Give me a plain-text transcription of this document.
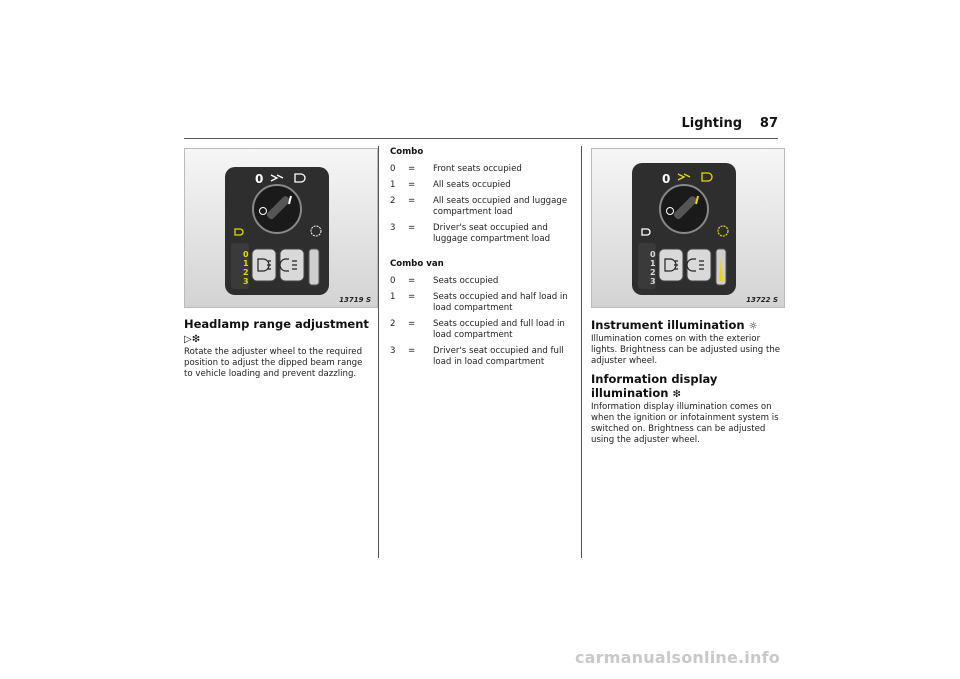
Lighting 87
0
0
1
2
3
13719 S
Headlamp range adjustment ▷❇

Rotate the adjuster wheel to the required position to adjust the dipped beam range to vehicle loading and prevent dazzling.

Combo
0	=	Front seats occupied
1	=	All seats occupied
2	=	All seats occupied and luggage compartment load
3	=	Driver's seat occupied and luggage compartment load
Combo van
0	=	Seats occupied
1	=	Seats occupied and half load in load compartment
2	=	Seats occupied and full load in load compartment
3	=	Driver's seat occupied and full load in load compartment
0
0
1
2
3
13722 S
Instrument illumination ☼

Illumination comes on with the exterior lights. Brightness can be adjusted using the adjuster wheel.

Information display illumination ❇

Information display illumination comes on when the ignition or infotainment system is switched on. Brightness can be adjusted using the adjuster wheel.

carmanualsonline.info
